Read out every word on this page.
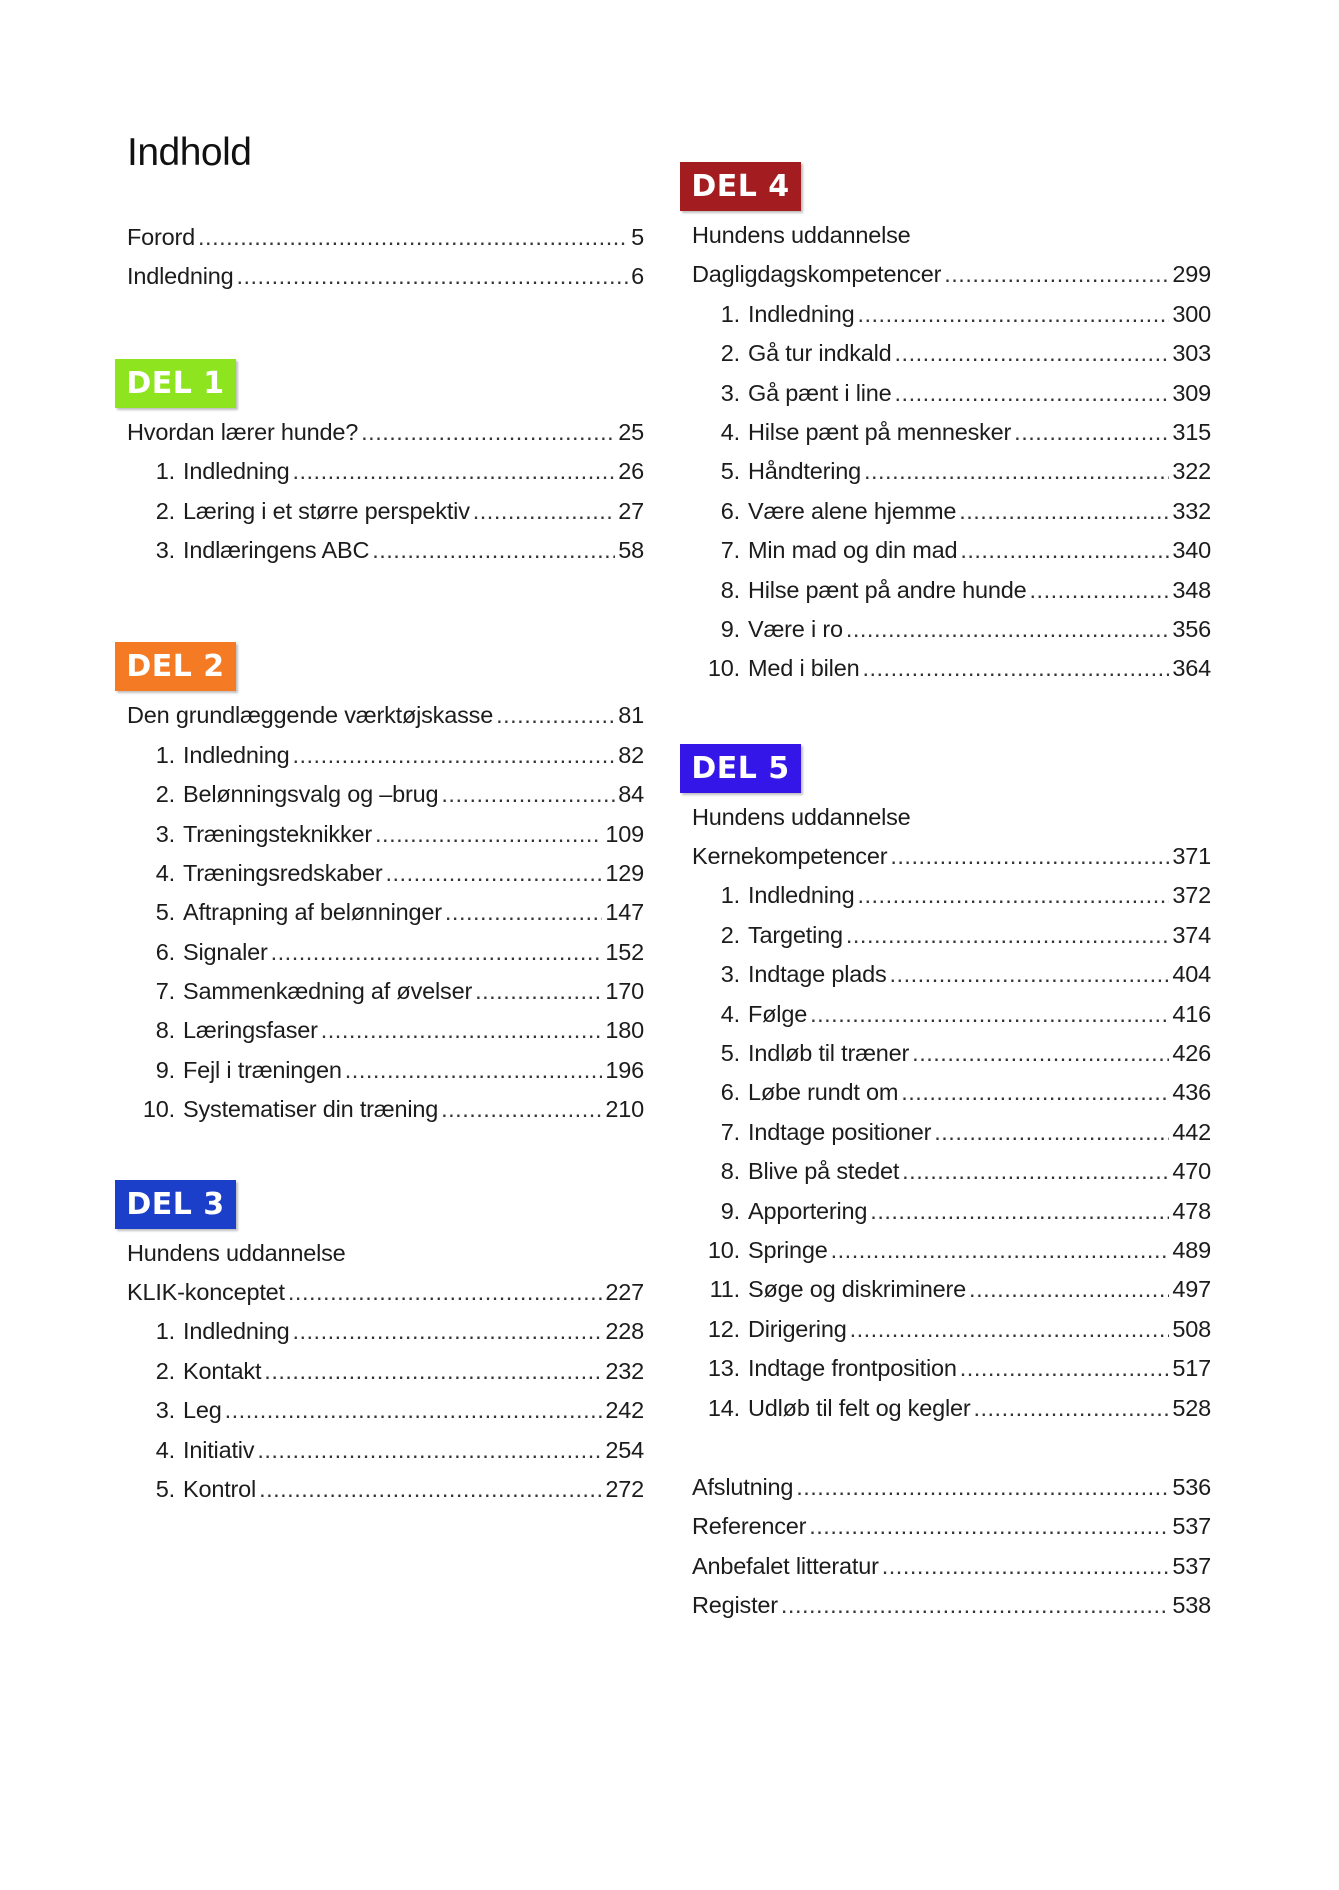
Indhold
Forord .....	5
Indledning .....	6
DEL 1
Hvordan lærer hunde? .....	25
1. Indledning .....	26
2. Læring i et større perspektiv .....	27
3. Indlæringens ABC .....	58
DEL 2
Den grundlæggende værktøjskasse .....	81
1. Indledning .....	82
2. Belønningsvalg og –brug .....	84
3. Træningsteknikker .....	109
4. Træningsredskaber .....	129
5. Aftrapning af belønninger .....	147
6. Signaler .....	152
7. Sammenkædning af øvelser .....	170
8. Læringsfaser .....	180
9. Fejl i træningen .....	196
10. Systematiser din træning .....	210
DEL 3
Hundens uddannelse
KLIK-konceptet .....	227
1. Indledning .....	228
2. Kontakt .....	232
3. Leg .....	242
4. Initiativ .....	254
5. Kontrol .....	272
DEL 4
Hundens uddannelse
Dagligdagskompetencer .....	299
1. Indledning .....	300
2. Gå tur indkald .....	303
3. Gå pænt i line .....	309
4. Hilse pænt på mennesker .....	315
5. Håndtering .....	322
6. Være alene hjemme .....	332
7. Min mad og din mad .....	340
8. Hilse pænt på andre hunde .....	348
9. Være i ro .....	356
10. Med i bilen .....	364
DEL 5
Hundens uddannelse
Kernekompetencer .....	371
1. Indledning .....	372
2. Targeting .....	374
3. Indtage plads .....	404
4. Følge .....	416
5. Indløb til træner .....	426
6. Løbe rundt om .....	436
7. Indtage positioner .....	442
8. Blive på stedet .....	470
9. Apportering .....	478
10. Springe .....	489
11. Søge og diskriminere .....	497
12. Dirigering .....	508
13. Indtage frontposition .....	517
14. Udløb til felt og kegler .....	528
Afslutning .....	536
Referencer .....	537
Anbefalet litteratur .....	537
Register .....	538
